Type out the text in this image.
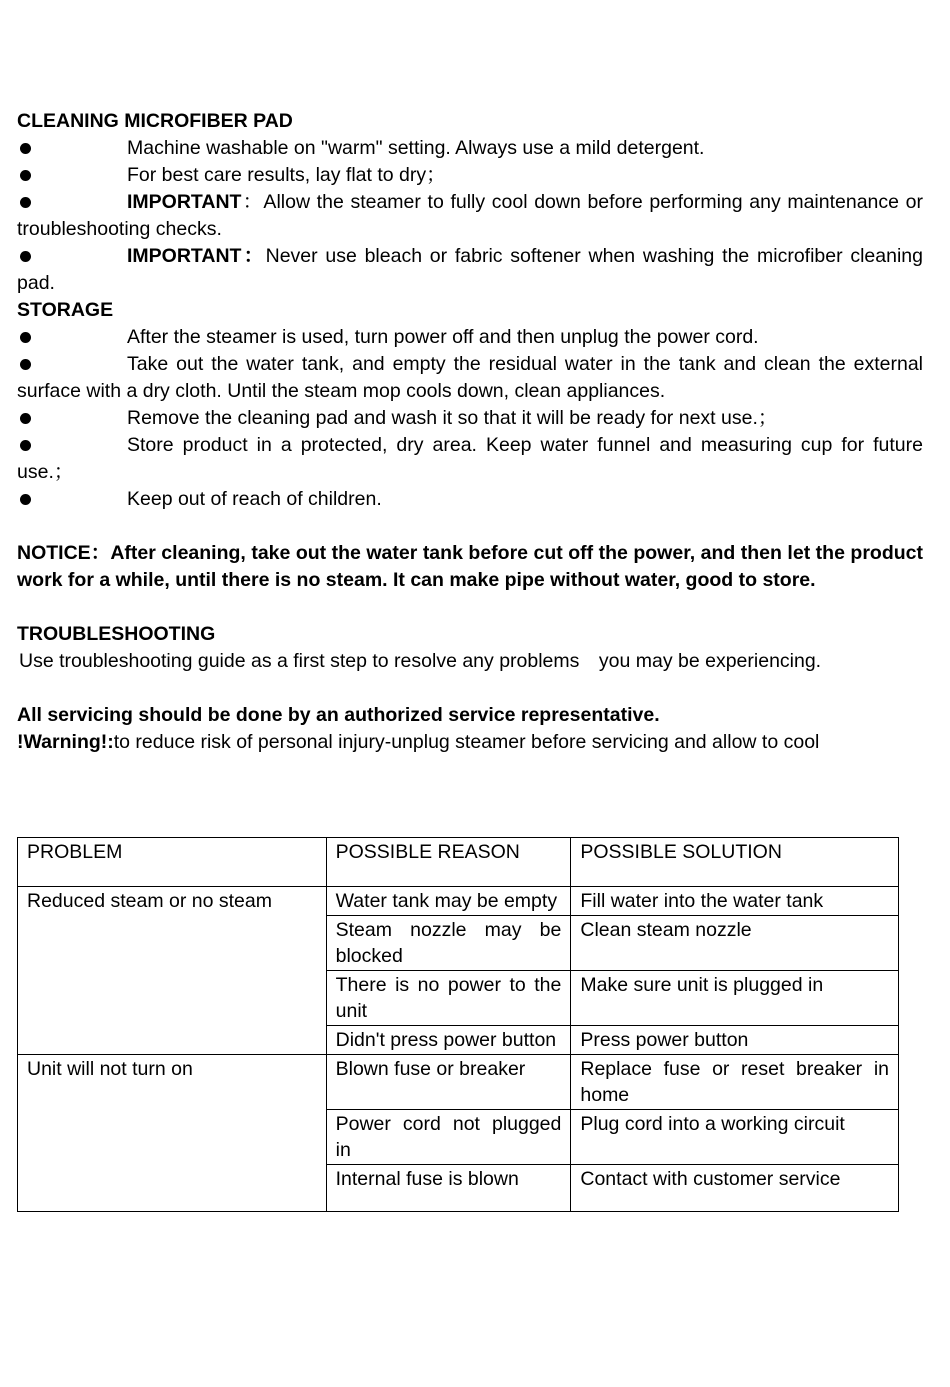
CLEANING MICROFIBER PAD
Machine washable on "warm" setting. Always use a mild detergent.
For best care results, lay flat to dry；
IMPORTANT：Allow the steamer to fully cool down before performing any maintenance or　troubleshooting checks.
IMPORTANT：Never use bleach or fabric softener when washing the microfiber cleaning pad.
STORAGE
After the steamer is used, turn power off and then unplug the power cord.
Take out the water tank, and empty the residual water in the tank and clean the external surface with a dry cloth. Until the steam mop cools down, clean appliances.
Remove the cleaning pad and wash it so that it will be ready for next use.；
Store product in a protected, dry area. Keep water funnel and measuring cup for future use.；
Keep out of reach of children.
NOTICE：After cleaning, take out the water tank before cut off the power, and then let the product work for a while, until there is no steam. It can make pipe without water, good to store.
TROUBLESHOOTING
Use troubleshooting guide as a first step to resolve any problems　you may be experiencing.
All servicing should be done by an authorized service representative.
!Warning!:to reduce risk of personal injury-unplug steamer before servicing and allow to cool
PROBLEM	POSSIBLE REASON	POSSIBLE SOLUTION
Reduced steam or no steam	Water tank may be empty	Fill water into the water tank
	Steam nozzle may be blocked	Clean steam nozzle
	There is no power to the unit	Make sure unit is plugged in
	Didn't press power button	Press power button
Unit will not turn on	Blown fuse or breaker	Replace fuse or reset breaker in home
	Power cord not plugged in	Plug cord into a working circuit
	Internal fuse is blown	Contact with customer service
